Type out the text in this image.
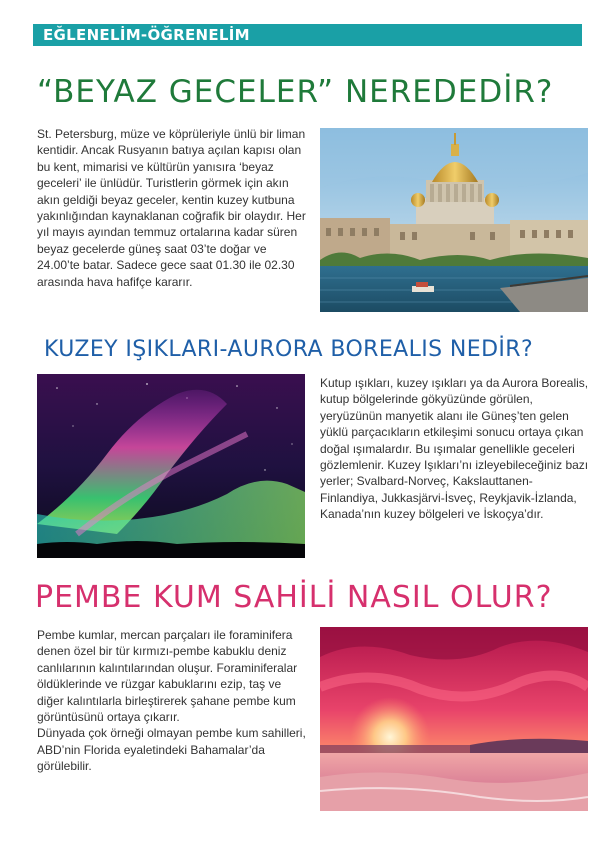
EĞLENELİM-ÖĞRENELİM
“BEYAZ GECELER” NEREDEDİR?

St. Petersburg, müze ve köprüleriyle ünlü bir liman kentidir. Ancak Rusyanın batıya açılan kapısı olan bu kent, mimarisi ve kültürün yanısıra ‘beyaz geceleri’ ile ünlüdür. Turistlerin görmek için akın akın geldiği beyaz geceler, kentin kuzey kutbuna yakınlığından kaynaklanan coğrafik bir olaydır. Her yıl mayıs ayından temmuz ortalarına kadar süren beyaz gecelerde güneş saat 03’te doğar ve 24.00’te batar. Sadece gece saat 01.30 ile 02.30 arasında hava hafifçe kararır.

KUZEY IŞIKLARI-AURORA BOREALIS NEDİR?

Kutup ışıkları, kuzey ışıkları ya da Aurora Borealis, kutup bölgelerinde gökyüzünde görülen, yeryüzünün manyetik alanı ile Güneş’ten gelen yüklü parçacıkların etkileşimi sonucu ortaya çıkan doğal ışımalardır. Bu ışımalar genellikle geceleri gözlemlenir. Kuzey Işıkları’nı izleyebileceğiniz bazı yerler; Svalbard-Norveç, Kakslauttanen-Finlandiya, Jukkasjärvi-İsveç, Reykjavik-İzlanda, Kanada’nın kuzey bölgeleri ve İskoçya’dır.

PEMBE KUM SAHİLİ NASIL OLUR?

Pembe kumlar, mercan parçaları ile foraminifera denen özel bir tür kırmızı-pembe kabuklu deniz canlılarının kalıntılarından oluşur. Foraminiferalar öldüklerinde ve rüzgar kabuklarını ezip, taş ve diğer kalıntılarla birleştirerek şahane pembe kum görüntüsünü ortaya çıkarır.
Dünyada çok örneği olmayan pembe kum sahilleri, ABD’nin Florida eyaletindeki Bahamalar’da görülebilir.
